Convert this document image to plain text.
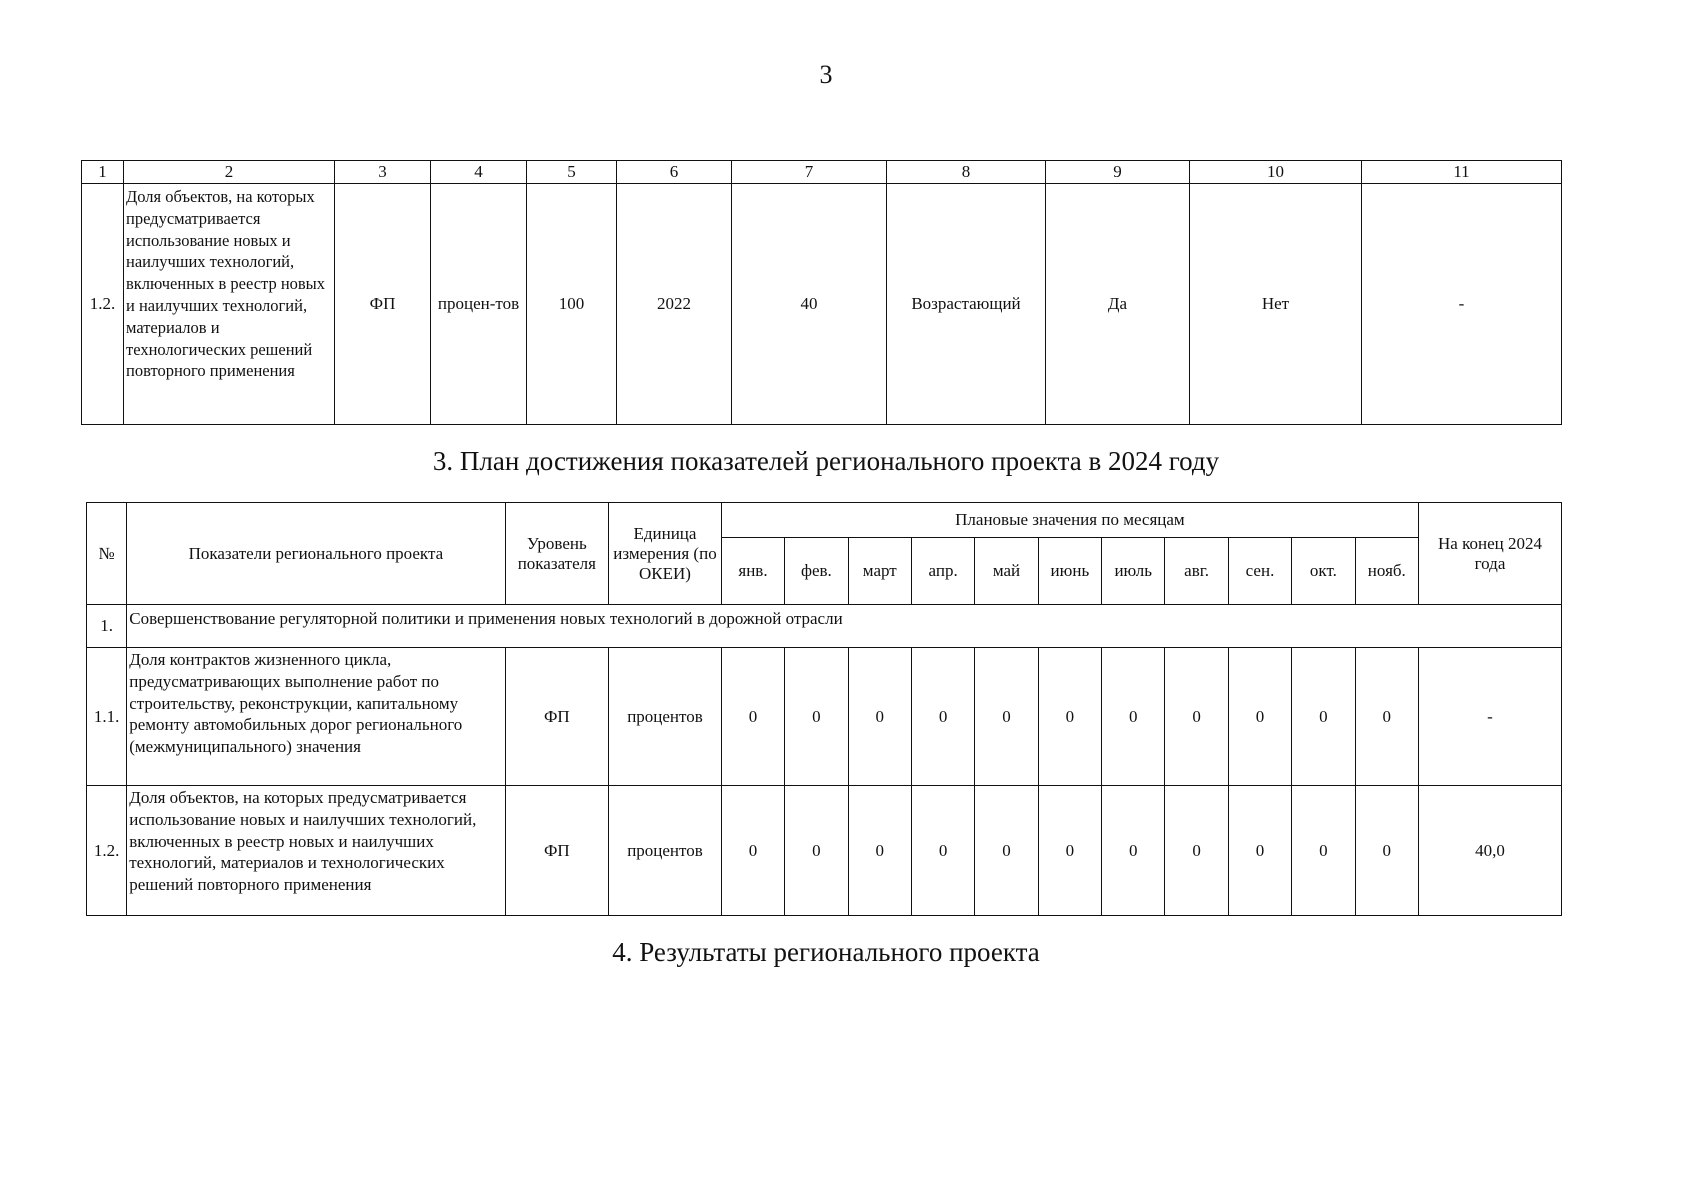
3
1	2	3	4	5	6	7	8	9	10	11
1.2.	Доля объектов, на которых предусматривается использование новых и наилучших технологий, включенных в реестр новых и наилучших технологий, материалов и технологических решений повторного применения	ФП	процен-тов	100	2022	40	Возрастающий	Да	Нет	-
3. План достижения показателей регионального проекта в 2024 году
№	Показатели регионального проекта	Уровень показателя	Единица измерения (по ОКЕИ)	Плановые значения по месяцам											На конец 2024 года
				янв.	фев.	март	апр.	май	июнь	июль	авг.	сен.	окт.	нояб.	
1.	Совершенствование регуляторной политики и применения новых технологий в дорожной отрасли														
1.1.	Доля контрактов жизненного цикла, предусматривающих выполнение работ по строительству, реконструкции, капитальному ремонту автомобильных дорог регионального (межмуниципального) значения	ФП	процентов	0	0	0	0	0	0	0	0	0	0	0	-
1.2.	Доля объектов, на которых предусматривается использование новых и наилучших технологий, включенных в реестр новых и наилучших технологий, материалов и технологических решений повторного применения	ФП	процентов	0	0	0	0	0	0	0	0	0	0	0	40,0
4. Результаты регионального проекта
